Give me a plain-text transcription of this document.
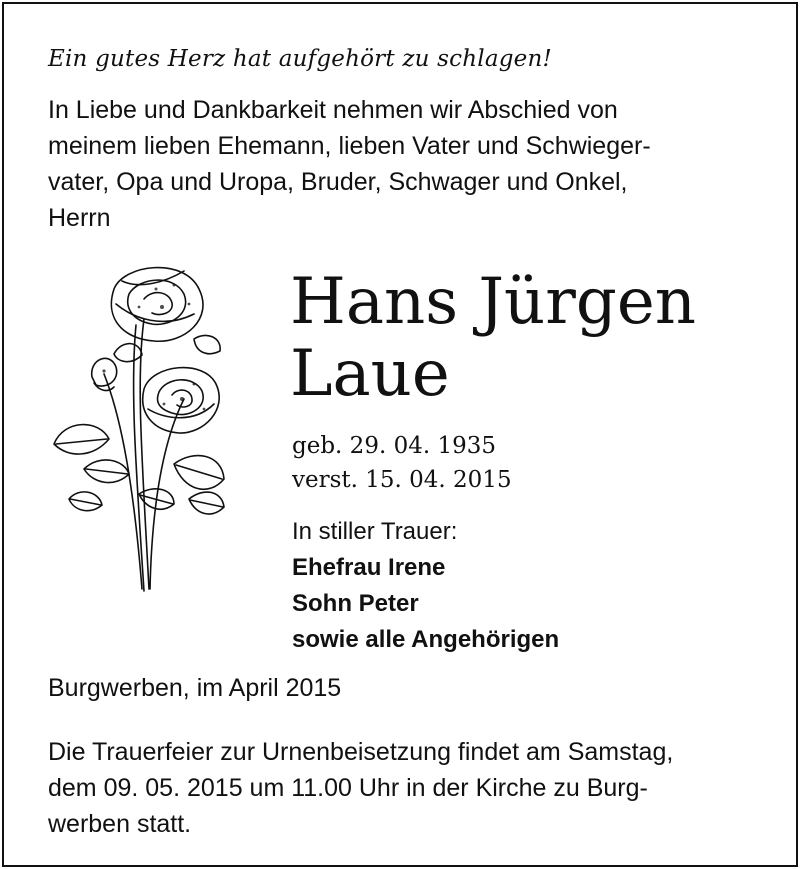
Ein gutes Herz hat aufgehört zu schlagen!
In Liebe und Dankbarkeit nehmen wir Abschied von
meinem lieben Ehemann, lieben Vater und Schwieger-
vater, Opa und Uropa, Bruder, Schwager und Onkel,
Herrn
Hans Jürgen
Laue
geb. 29. 04. 1935
verst. 15. 04. 2015
In stiller Trauer:
Ehefrau Irene
Sohn Peter
sowie alle Angehörigen
Burgwerben, im April 2015
Die Trauerfeier zur Urnenbeisetzung findet am Samstag,
dem 09. 05. 2015 um 11.00 Uhr in der Kirche zu Burg-
werben statt.
